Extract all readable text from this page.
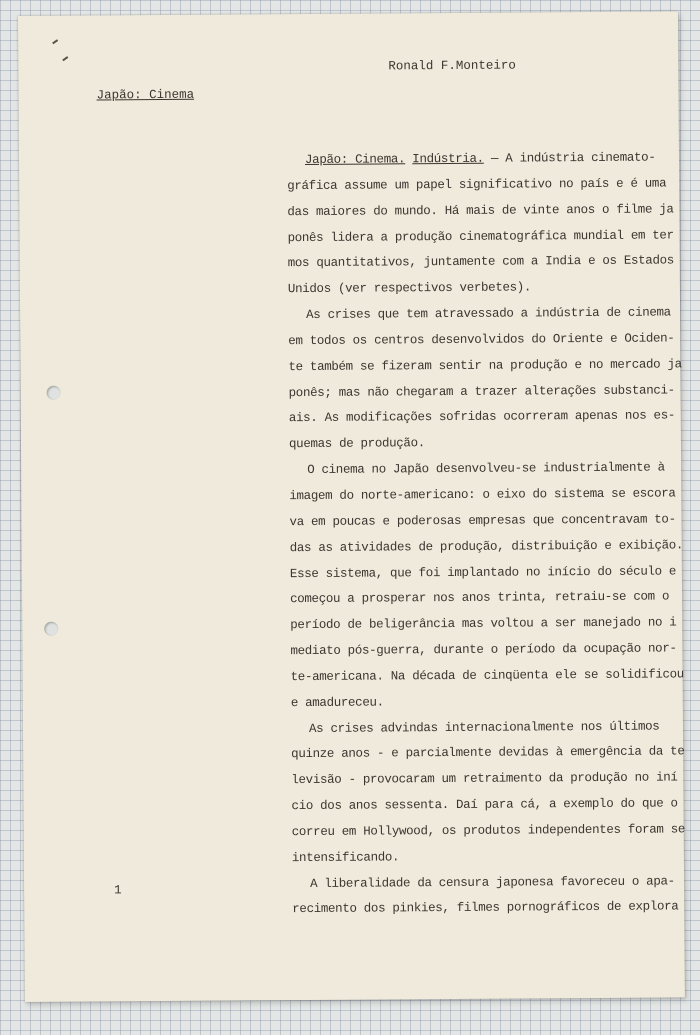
Ronald F.Monteiro
Japão: Cinema
Japão: Cinema. Indústria. — A indústria cinemato-
gráfica assume um papel significativo no país e é uma
das maiores do mundo. Há mais de vinte anos o filme ja
ponês lidera a produção cinematográfica mundial em ter
mos quantitativos, juntamente com a India e os Estados
Unidos (ver respectivos verbetes).
As crises que tem atravessado a indústria de cinema
em todos os centros desenvolvidos do Oriente e Ociden-
te também se fizeram sentir na produção e no mercado ja
ponês; mas não chegaram a trazer alterações substanci-
ais. As modificações sofridas ocorreram apenas nos es-
quemas de produção.
O cinema no Japão desenvolveu-se industrialmente à
imagem do norte-americano: o eixo do sistema se escora
va em poucas e poderosas empresas que concentravam to-
das as atividades de produção, distribuição e exibição.
Esse sistema, que foi implantado no início do século e
começou a prosperar nos anos trinta, retraiu-se com o
período de beligerância mas voltou a ser manejado no i
mediato pós-guerra, durante o período da ocupação nor-
te-americana. Na década de cinqüenta ele se solidificou
e amadureceu.
As crises advindas internacionalmente nos últimos
quinze anos - e parcialmente devidas à emergência da te
levisão - provocaram um retraimento da produção no iní
cio dos anos sessenta. Daí para cá, a exemplo do que o
correu em Hollywood, os produtos independentes foram se
intensificando.
A liberalidade da censura japonesa favoreceu o apa-
recimento dos pinkies, filmes pornográficos de explora
1
